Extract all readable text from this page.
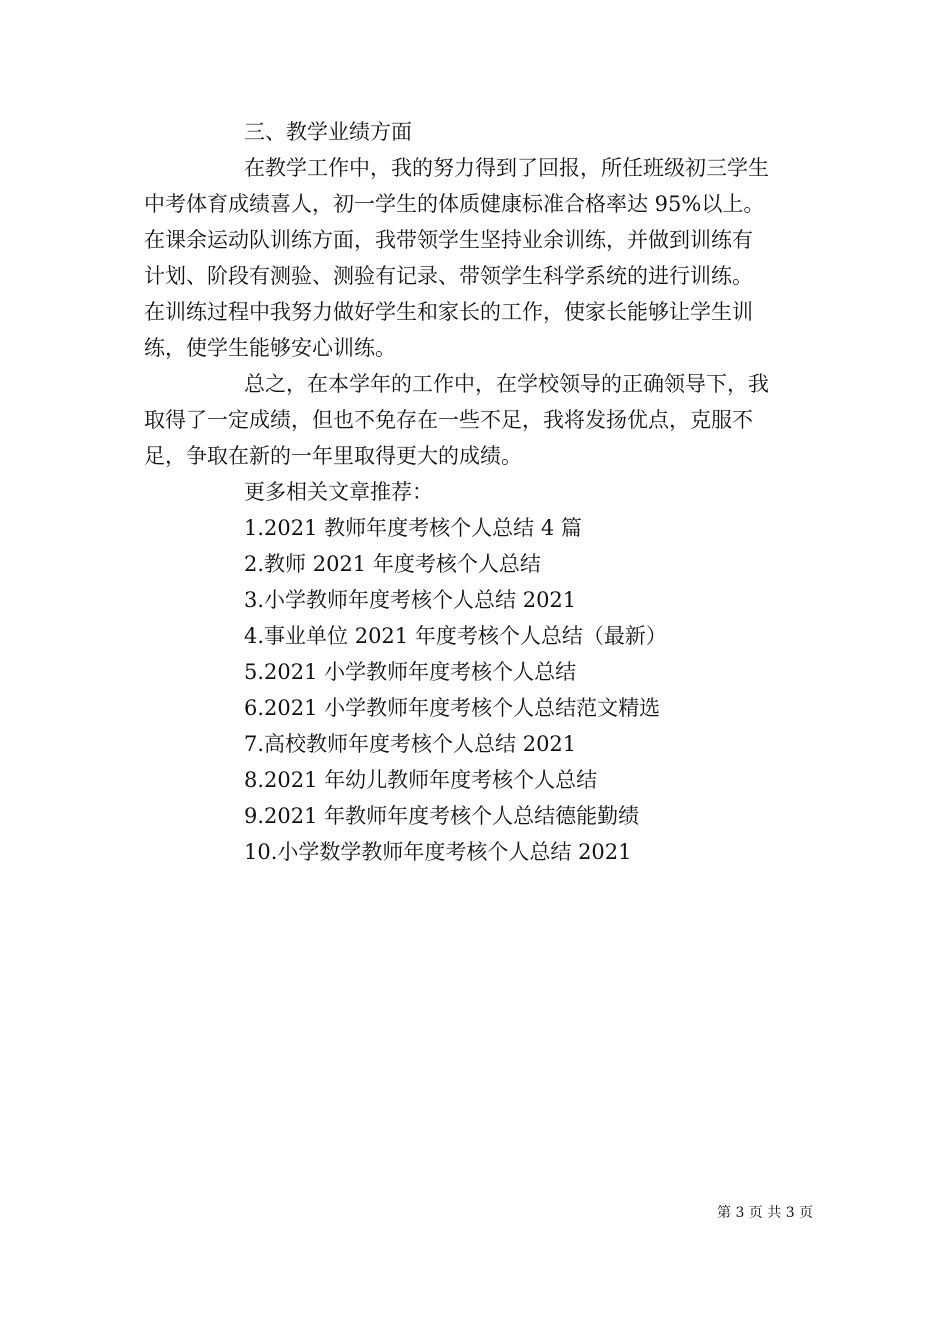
三、教学业绩方面
在教学工作中，我的努力得到了回报，所任班级初三学生
中考体育成绩喜人，初一学生的体质健康标准合格率达 95%以上。
在课余运动队训练方面，我带领学生坚持业余训练，并做到训练有
计划、阶段有测验、测验有记录、带领学生科学系统的进行训练。
在训练过程中我努力做好学生和家长的工作，使家长能够让学生训
练，使学生能够安心训练。
总之，在本学年的工作中，在学校领导的正确领导下，我
取得了一定成绩，但也不免存在一些不足，我将发扬优点，克服不
足，争取在新的一年里取得更大的成绩。
更多相关文章推荐：
1.2021 教师年度考核个人总结 4 篇
2.教师 2021 年度考核个人总结
3.小学教师年度考核个人总结 2021
4.事业单位 2021 年度考核个人总结（最新）
5.2021 小学教师年度考核个人总结
6.2021 小学教师年度考核个人总结范文精选
7.高校教师年度考核个人总结 2021
8.2021 年幼儿教师年度考核个人总结
9.2021 年教师年度考核个人总结德能勤绩
10.小学数学教师年度考核个人总结 2021
第 3 页 共 3 页
